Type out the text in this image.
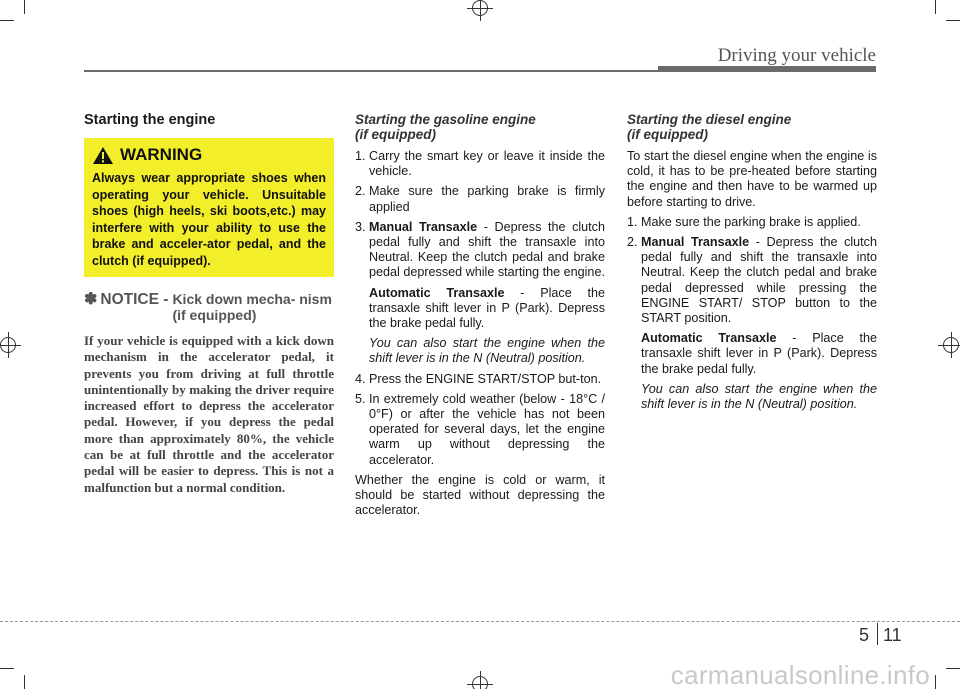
Driving your vehicle
Starting the engine
WARNING
Always wear appropriate shoes when operating your vehicle. Unsuitable shoes (high heels, ski boots,etc.) may interfere with your ability to use the brake and acceler-ator pedal, and the clutch (if equipped).
✽ NOTICE - Kick down mecha- nism (if equipped)
If your vehicle is equipped with a kick down mechanism in the accelerator pedal, it prevents you from driving at full throttle unintentionally by making the driver require increased effort to depress the accelerator pedal. However, if you depress the pedal more than approximately 80%, the vehicle can be at full throttle and the accelerator pedal will be easier to depress. This is not a malfunction but a normal condition.
Starting the gasoline engine
(if equipped)
1. Carry the smart key or leave it inside the vehicle.
2. Make sure the parking brake is firmly applied
3. Manual Transaxle - Depress the clutch pedal fully and shift the transaxle into Neutral. Keep the clutch pedal and brake pedal depressed while starting the engine.
Automatic Transaxle - Place the transaxle shift lever in P (Park). Depress the brake pedal fully.
You can also start the engine when the shift lever is in the N (Neutral) position.
4. Press the ENGINE START/STOP but-ton.
5. In extremely cold weather (below - 18°C / 0°F) or after the vehicle has not been operated for several days, let the engine warm up without depressing the accelerator.
Whether the engine is cold or warm, it should be started without depressing the accelerator.
Starting the diesel engine
(if equipped)
To start the diesel engine when the engine is cold, it has to be pre-heated before starting the engine and then have to be warmed up before starting to drive.
1. Make sure the parking brake is applied.
2. Manual Transaxle - Depress the clutch pedal fully and shift the transaxle into Neutral. Keep the clutch pedal and brake pedal depressed while pressing the ENGINE START/ STOP button to the START position.
Automatic Transaxle - Place the transaxle shift lever in P (Park). Depress the brake pedal fully.
You can also start the engine when the shift lever is in the N (Neutral) position.
5 11
carmanualsonline.info
